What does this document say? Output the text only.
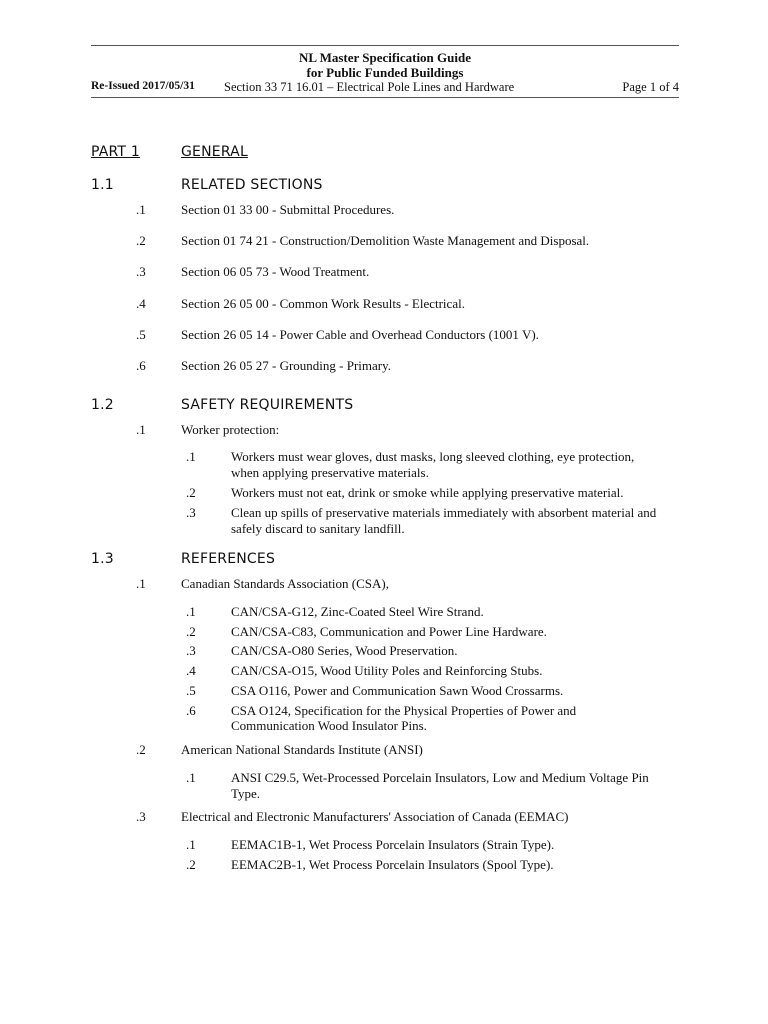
NL Master Specification Guide
for Public Funded Buildings
Re-Issued 2017/05/31 Section 33 71 16.01 – Electrical Pole Lines and Hardware	Page 1 of 4
PART 1	GENERAL
1.1	RELATED SECTIONS
.1	Section 01 33 00 - Submittal Procedures.
.2	Section 01 74 21 - Construction/Demolition Waste Management and Disposal.
.3	Section 06 05 73 - Wood Treatment.
.4	Section 26 05 00 - Common Work Results - Electrical.
.5	Section 26 05 14 - Power Cable and Overhead Conductors (1001 V).
.6	Section 26 05 27 - Grounding - Primary.
1.2	SAFETY REQUIREMENTS
.1	Worker protection:
.1	Workers must wear gloves, dust masks, long sleeved clothing, eye protection,
when applying preservative materials.
.2	Workers must not eat, drink or smoke while applying preservative material.
.3	Clean up spills of preservative materials immediately with absorbent material and
safely discard to sanitary landfill.
1.3	REFERENCES
.1	Canadian Standards Association (CSA),
.1	CAN/CSA-G12, Zinc-Coated Steel Wire Strand.
.2	CAN/CSA-C83, Communication and Power Line Hardware.
.3	CAN/CSA-O80 Series, Wood Preservation.
.4	CAN/CSA-O15, Wood Utility Poles and Reinforcing Stubs.
.5	CSA O116, Power and Communication Sawn Wood Crossarms.
.6	CSA O124, Specification for the Physical Properties of Power and
Communication Wood Insulator Pins.
.2	American National Standards Institute (ANSI)
.1	ANSI C29.5, Wet-Processed Porcelain Insulators, Low and Medium Voltage Pin
Type.
.3	Electrical and Electronic Manufacturers' Association of Canada (EEMAC)
.1	EEMAC1B-1, Wet Process Porcelain Insulators (Strain Type).
.2	EEMAC2B-1, Wet Process Porcelain Insulators (Spool Type).
